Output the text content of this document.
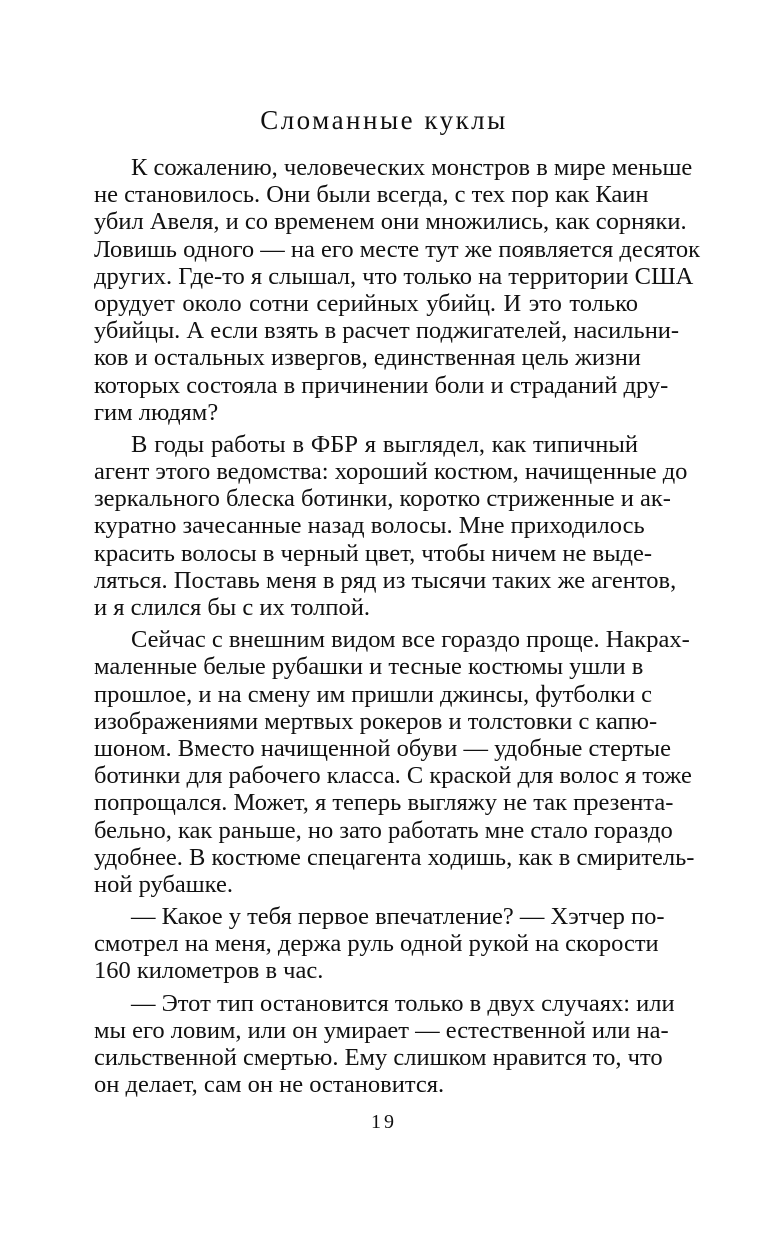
Сломанные куклы
К сожалению, человеческих монстров в мире меньше
не становилось. Они были всегда, с тех пор как Каин
убил Авеля, и со временем они множились, как сорняки.
Ловишь одного — на его месте тут же появляется десяток
других. Где-то я слышал, что только на территории США
орудует около сотни серийных убийц. И это только
убийцы. А если взять в расчет поджигателей, насильни-
ков и остальных извергов, единственная цель жизни
которых состояла в причинении боли и страданий дру-
гим людям?
В годы работы в ФБР я выглядел, как типичный
агент этого ведомства: хороший костюм, начищенные до
зеркального блеска ботинки, коротко стриженные и ак-
куратно зачесанные назад волосы. Мне приходилось
красить волосы в черный цвет, чтобы ничем не выде-
ляться. Поставь меня в ряд из тысячи таких же агентов,
и я слился бы с их толпой.
Сейчас с внешним видом все гораздо проще. Накрах-
маленные белые рубашки и тесные костюмы ушли в
прошлое, и на смену им пришли джинсы, футболки с
изображениями мертвых рокеров и толстовки с капю-
шоном. Вместо начищенной обуви — удобные стертые
ботинки для рабочего класса. С краской для волос я тоже
попрощался. Может, я теперь выгляжу не так презента-
бельно, как раньше, но зато работать мне стало гораздо
удобнее. В костюме спецагента ходишь, как в смиритель-
ной рубашке.
— Какое у тебя первое впечатление? — Хэтчер по-
смотрел на меня, держа руль одной рукой на скорости
160 километров в час.
— Этот тип остановится только в двух случаях: или
мы его ловим, или он умирает — естественной или на-
сильственной смертью. Ему слишком нравится то, что
он делает, сам он не остановится.
19
